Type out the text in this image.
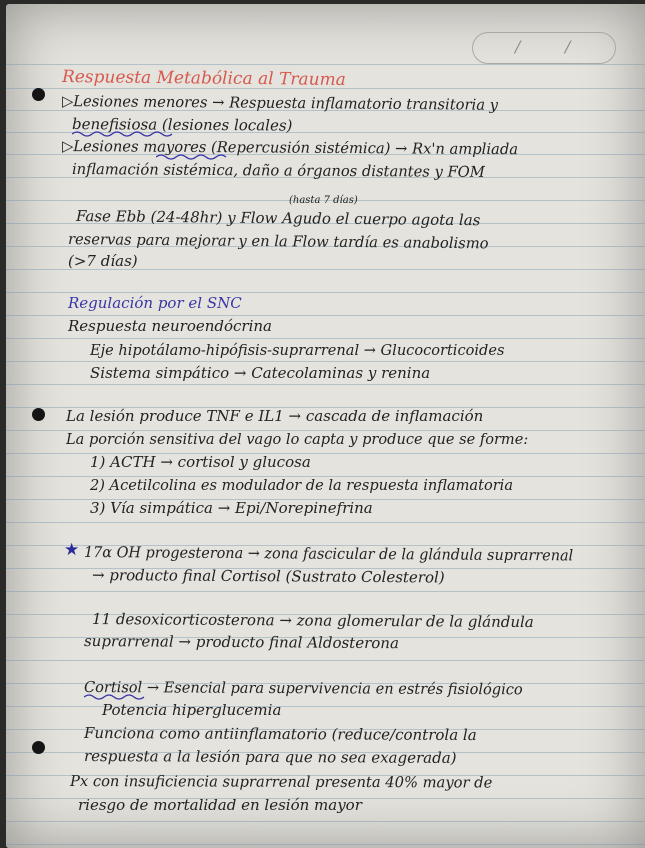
/	/
Respuesta Metabólica al Trauma
▷Lesiones menores → Respuesta inflamatorio transitoria y
benefisiosa (lesiones locales)
▷Lesiones mayores (Repercusión sistémica) → Rx'n ampliada
inflamación sistémica, daño a órganos distantes y FOM
(hasta 7 días)
Fase Ebb (24-48hr) y Flow Agudo el cuerpo agota las
reservas para mejorar y en la Flow tardía es anabolismo
(>7 días)
Regulación por el SNC
Respuesta neuroendócrina
Eje hipotálamo-hipófisis-suprarrenal → Glucocorticoides
Sistema simpático → Catecolaminas y renina
La lesión produce TNF e IL1 → cascada de inflamación
La porción sensitiva del vago lo capta y produce que se forme:
1) ACTH → cortisol y glucosa
2) Acetilcolina es modulador de la respuesta inflamatoria
3) Vía simpática → Epi/Norepinefrina
★ 17α OH progesterona → zona fascicular de la glándula suprarrenal
→ producto final Cortisol (Sustrato Colesterol)
11 desoxicorticosterona → zona glomerular de la glándula
suprarrenal → producto final Aldosterona
Cortisol → Esencial para supervivencia en estrés fisiológico
Potencia hiperglucemia
Funciona como antiinflamatorio (reduce/controla la
respuesta a la lesión para que no sea exagerada)
Px con insuficiencia suprarrenal presenta 40% mayor de
riesgo de mortalidad en lesión mayor
